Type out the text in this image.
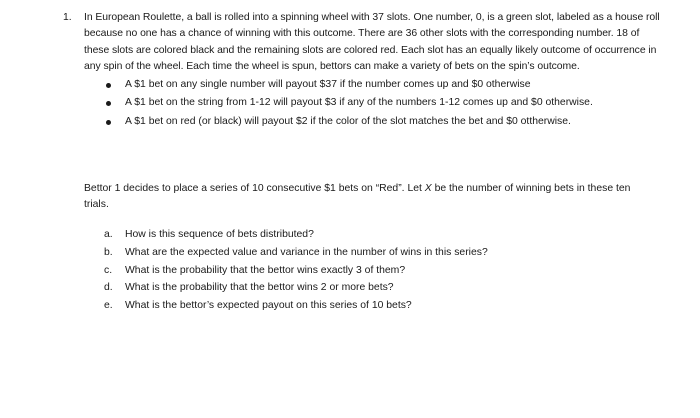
1. In European Roulette, a ball is rolled into a spinning wheel with 37 slots. One number, 0, is a green slot, labeled as a house roll because no one has a chance of winning with this outcome. There are 36 other slots with the corresponding number. 18 of these slots are colored black and the remaining slots are colored red. Each slot has an equally likely outcome of occurrence in any spin of the wheel. Each time the wheel is spun, bettors can make a variety of bets on the spin’s outcome.
A $1 bet on any single number will payout $37 if the number comes up and $0 otherwise
A $1 bet on the string from 1-12 will payout $3 if any of the numbers 1-12 comes up and $0 otherwise.
A $1 bet on red (or black) will payout $2 if the color of the slot matches the bet and $0 ottherwise.
Bettor 1 decides to place a series of 10 consecutive $1 bets on “Red”. Let X be the number of winning bets in these ten trials.
a. How is this sequence of bets distributed?
b. What are the expected value and variance in the number of wins in this series?
c. What is the probability that the bettor wins exactly 3 of them?
d. What is the probability that the bettor wins 2 or more bets?
e. What is the bettor’s expected payout on this series of 10 bets?
